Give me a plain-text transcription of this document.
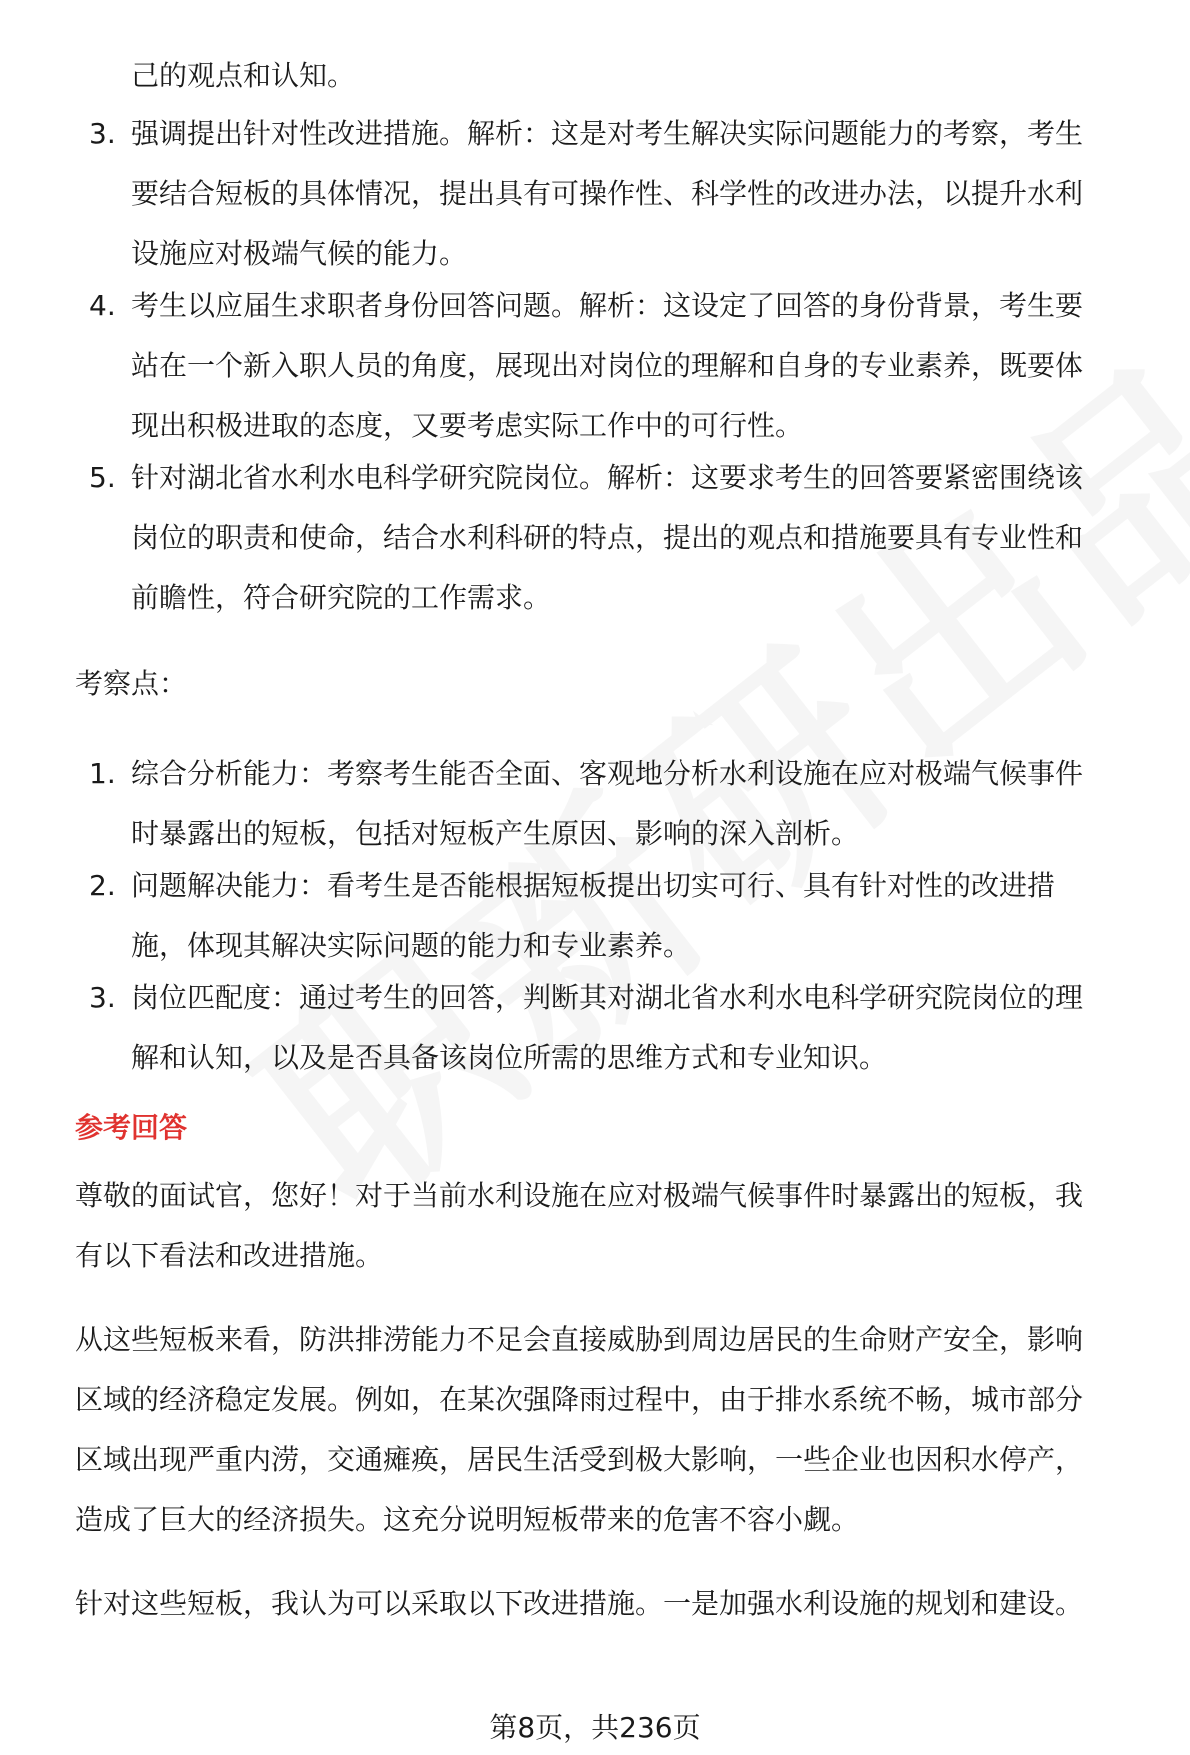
己的观点和认知。
3. 强调提出针对性改进措施。解析：这是对考生解决实际问题能力的考察，考生
要结合短板的具体情况，提出具有可操作性、科学性的改进办法，以提升水利
设施应对极端气候的能力。
4. 考生以应届生求职者身份回答问题。解析：这设定了回答的身份背景，考生要
站在一个新入职人员的角度，展现出对岗位的理解和自身的专业素养，既要体
现出积极进取的态度，又要考虑实际工作中的可行性。
5. 针对湖北省水利水电科学研究院岗位。解析：这要求考生的回答要紧密围绕该
岗位的职责和使命，结合水利科研的特点，提出的观点和措施要具有专业性和
前瞻性，符合研究院的工作需求。
考察点：
1. 综合分析能力：考察考生能否全面、客观地分析水利设施在应对极端气候事件
时暴露出的短板，包括对短板产生原因、影响的深入剖析。
2. 问题解决能力：看考生是否能根据短板提出切实可行、具有针对性的改进措
施，体现其解决实际问题的能力和专业素养。
3. 岗位匹配度：通过考生的回答，判断其对湖北省水利水电科学研究院岗位的理
解和认知，以及是否具备该岗位所需的思维方式和专业知识。
参考回答
尊敬的面试官，您好！对于当前水利设施在应对极端气候事件时暴露出的短板，我
有以下看法和改进措施。
从这些短板来看，防洪排涝能力不足会直接威胁到周边居民的生命财产安全，影响
区域的经济稳定发展。例如，在某次强降雨过程中，由于排水系统不畅，城市部分
区域出现严重内涝，交通瘫痪，居民生活受到极大影响，一些企业也因积水停产，
造成了巨大的经济损失。这充分说明短板带来的危害不容小觑。
针对这些短板，我认为可以采取以下改进措施。一是加强水利设施的规划和建设。
第8页，共236页
